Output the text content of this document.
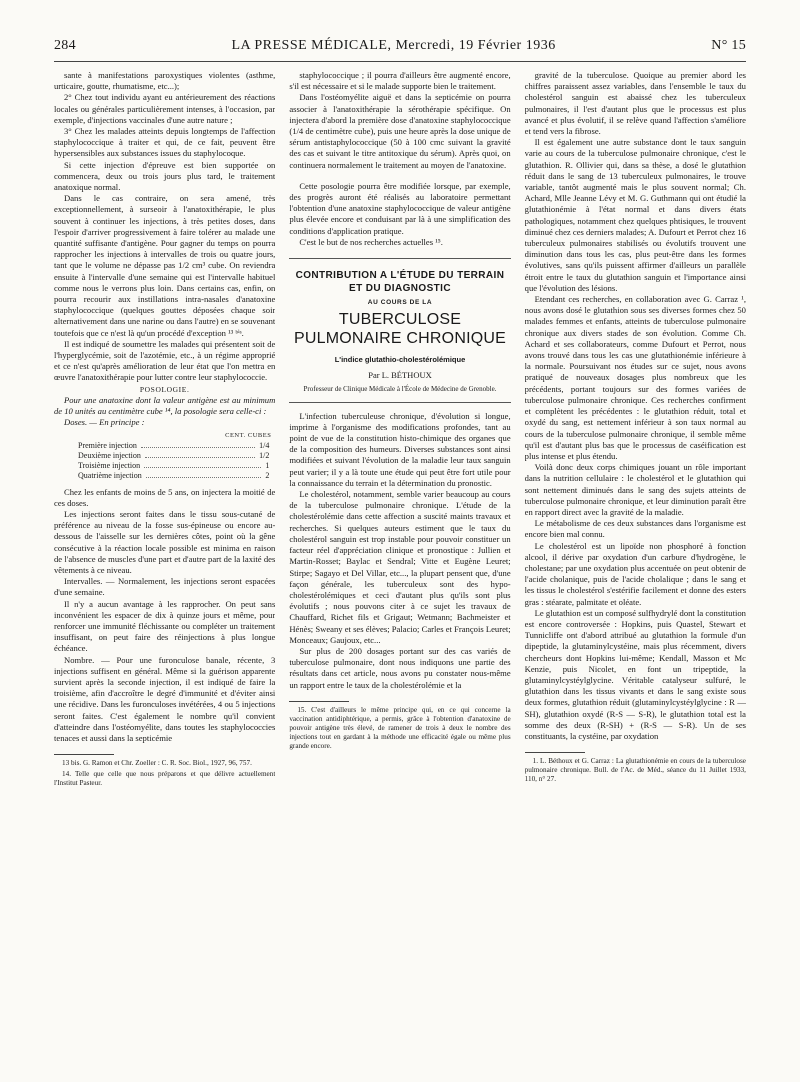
284	LA PRESSE MÉDICALE, Mercredi, 19 Février 1936	N° 15

sante à manifestations paroxystiques violentes (asthme, urticaire, goutte, rhumatisme, etc...);

2° Chez tout individu ayant eu antérieurement des réactions locales ou générales particulièrement intenses, à l'occasion, par exemple, d'injections vaccinales d'une autre nature ;

3° Chez les malades atteints depuis longtemps de l'affection staphylococcique à traiter et qui, de ce fait, peuvent être hypersensibles aux substances issues du staphylocoque.

Si cette injection d'épreuve est bien supportée on commencera, deux ou trois jours plus tard, le traitement anatoxique normal.

Dans le cas contraire, on sera amené, très exceptionnellement, à surseoir à l'anatoxithérapie, le plus souvent à continuer les injections, à très petites doses, dans l'espoir d'arriver progressivement à faire tolérer au malade une quantité suffisante d'antigène. Pour gagner du temps on pourra rapprocher les injections à intervalles de trois ou quatre jours, tant que le volume ne dépasse pas 1/2 cm³ cube. On reviendra ensuite à l'intervalle d'une semaine qui est l'intervalle habituel comme nous le verrons plus loin. Dans certains cas, enfin, on pourra recourir aux instillations intra-nasales d'anatoxine staphylococcique (quelques gouttes déposées chaque soir alternativement dans une narine ou dans l'autre) en se souvenant toutefois que ce n'est là qu'un procédé d'exception ¹³ ᵇⁱˢ.

Il est indiqué de soumettre les malades qui présentent soit de l'hyperglycémie, soit de l'azotémie, etc., à un régime approprié et ce n'est qu'après amélioration de leur état que l'on mettra en œuvre l'anatoxithérapie pour lutter contre leur staphylococcie.

POSOLOGIE.

Pour une anatoxine dont la valeur antigène est au minimum de 10 unités au centimètre cube ¹⁴, la posologie sera celle-ci :

Doses. — En principe :

CENT. CUBES
Première injection	1/4
Deuxième injection	1/2
Troisième injection	1
Quatrième injection	2

Chez les enfants de moins de 5 ans, on injectera la moitié de ces doses.

Les injections seront faites dans le tissu sous-cutané de préférence au niveau de la fosse sus-épineuse ou encore au-dessous de l'aisselle sur les dernières côtes, point où la gêne consécutive à la réaction locale possible est minima en raison de l'absence de muscles d'une part et d'autre part de la laxité des vêtements à ce niveau.

Intervalles. — Normalement, les injections seront espacées d'une semaine.

Il n'y a aucun avantage à les rapprocher. On peut sans inconvénient les espacer de dix à quinze jours et même, pour renforcer une immunité fléchissante ou compléter un traitement insuffisant, on peut faire des réinjections à plus longue échéance.

Nombre. — Pour une furonculose banale, récente, 3 injections suffisent en général. Même si la guérison apparente survient après la seconde injection, il est indiqué de faire la troisième, afin d'accroître le degré d'immunité et d'éviter ainsi une récidive. Dans les furonculoses invétérées, 4 ou 5 injections seront faites. C'est également le nombre qu'il convient d'atteindre dans l'ostéomyélite, dans toutes les staphylococcies tenaces et aussi dans la septicémie

13 bis. G. Ramon et Chr. Zoeller : C. R. Soc. Biol., 1927, 96, 757.

14. Telle que celle que nous préparons et que délivre actuellement l'Institut Pasteur.

staphylococcique ; il pourra d'ailleurs être augmenté encore, s'il est nécessaire et si le malade supporte bien le traitement.

Dans l'ostéomyélite aiguë et dans la septicémie on pourra associer à l'anatoxithérapie la sérothérapie spécifique. On injectera d'abord la première dose d'anatoxine staphylococcique (1/4 de centimètre cube), puis une heure après la dose unique de sérum antistaphylococcique (50 à 100 cmc suivant la gravité des cas et suivant le titre antitoxique du sérum). Après quoi, on continuera normalement le traitement au moyen de l'anatoxine.

Cette posologie pourra être modifiée lorsque, par exemple, des progrès auront été réalisés au laboratoire permettant l'obtention d'une anatoxine staphylococcique de valeur antigène plus élevée encore et conduisant par là à une simplification des conditions d'application pratique.

C'est le but de nos recherches actuelles ¹⁵.

CONTRIBUTION A L'ÉTUDE DU TERRAIN ET DU DIAGNOSTIC
AU COURS DE LA
TUBERCULOSE PULMONAIRE CHRONIQUE
L'indice glutathio-cholestérolémique
Par L. BÉTHOUX
Professeur de Clinique Médicale à l'École de Médecine de Grenoble.

L'infection tuberculeuse chronique, d'évolution si longue, imprime à l'organisme des modifications profondes, tant au point de vue de la constitution histo-chimique des organes que de la composition des humeurs. Diverses substances sont ainsi modifiées et suivant l'évolution de la maladie leur taux sanguin peut varier; il y a là toute une étude qui peut être fort utile pour la connaissance du terrain et la détermination du pronostic.

Le cholestérol, notamment, semble varier beaucoup au cours de la tuberculose pulmonaire chronique. L'étude de la cholestérolémie dans cette affection a suscité maints travaux et recherches. Si quelques auteurs estiment que le taux du cholestérol sanguin est trop instable pour pouvoir constituer un facteur réel d'appréciation clinique et pronostique : Jullien et Martin-Rosset; Baylac et Sendral; Vitte et Eugène Leuret; Stirpe; Sagayo et Del Villar, etc..., la plupart pensent que, d'une façon générale, les tuberculeux sont des hypo-cholestérolémiques et ceci d'autant plus qu'ils sont plus évolutifs ; nous pouvons citer à ce sujet les travaux de Chauffard, Richet fils et Grigaut; Wetmann; Bachmeister et Hénès; Sweany et ses élèves; Palacio; Carles et François Leuret; Monceaux; Gaujoux, etc...

Sur plus de 200 dosages portant sur des cas variés de tuberculose pulmonaire, dont nous indiquons une partie des résultats dans cet article, nous avons pu constater nous-même un rapport entre le taux de la cholestérolémie et la

15. C'est d'ailleurs le même principe qui, en ce qui concerne la vaccination antidiphtérique, a permis, grâce à l'obtention d'anatoxine de pouvoir antigène très élevé, de ramener de trois à deux le nombre des injections tout en gardant à la méthode une efficacité égale ou même plus grande encore.

gravité de la tuberculose. Quoique au premier abord les chiffres paraissent assez variables, dans l'ensemble le taux du cholestérol sanguin est abaissé chez les tuberculeux pulmonaires, il l'est d'autant plus que le processus est plus avancé et plus évolutif, il se relève quand l'affection s'améliore et tend vers la fibrose.

Il est également une autre substance dont le taux sanguin varie au cours de la tuberculose pulmonaire chronique, c'est le glutathion. R. Ollivier qui, dans sa thèse, a dosé le glutathion réduit dans le sang de 13 tuberculeux pulmonaires, le trouve variable, tantôt augmenté mais le plus souvent normal; Ch. Achard, Mlle Jeanne Lévy et M. G. Guthmann qui ont étudié la glutathionémie à l'état normal et dans divers états pathologiques, notamment chez quelques phtisiques, le trouvent diminué chez ces derniers malades; A. Dufourt et Perrot chez 16 tuberculeux pulmonaires stabilisés ou évolutifs trouvent une diminution dans tous les cas, plus peut-être dans les formes évolutives, sans qu'ils puissent affirmer d'ailleurs un parallèle étroit entre le taux du glutathion sanguin et l'importance ainsi que l'évolution des lésions.

Etendant ces recherches, en collaboration avec G. Carraz ¹, nous avons dosé le glutathion sous ses diverses formes chez 50 malades femmes et enfants, atteints de tuberculose pulmonaire chronique aux divers stades de son évolution. Comme Ch. Achard et ses collaborateurs, comme Dufourt et Perrot, nous avons trouvé dans tous les cas une glutathionémie inférieure à la normale. Poursuivant nos études sur ce sujet, nous avons pratiqué de nouveaux dosages plus nombreux que les précédents, portant toujours sur des formes variées de tuberculose pulmonaire chronique. Ces recherches confirment et complètent les précédentes : le glutathion réduit, total et oxydé du sang, est nettement inférieur à son taux normal au cours de la tuberculose pulmonaire chronique, il semble même qu'il est d'autant plus bas que le processus de caséification est plus intense et plus étendu.

Voilà donc deux corps chimiques jouant un rôle important dans la nutrition cellulaire : le cholestérol et le glutathion qui sont nettement diminués dans le sang des sujets atteints de tuberculose pulmonaire chronique, et leur diminution paraît être en rapport direct avec la gravité de la maladie.

Le métabolisme de ces deux substances dans l'organisme est encore bien mal connu.

Le cholestérol est un lipoïde non phosphoré à fonction alcool, il dérive par oxydation d'un carbure d'hydrogène, le cholestane; par une oxydation plus accentuée on peut obtenir de l'acide cholanique, puis de l'acide cholalique ; dans le sang et les tissus le cholestérol s'estérifie facilement et donne des esters gras : stéarate, palmitate et oléate.

Le glutathion est un composé sulfhydrylé dont la constitution est encore controversée : Hopkins, puis Quastel, Stewart et Tunnicliffe ont d'abord attribué au glutathion la formule d'un dipeptide, la glutaminylcystéine, mais plus récemment, divers chercheurs dont Hopkins lui-même; Kendall, Masson et Mc Kenzie, puis Nicolet, en font un tripeptide, la glutaminylcystéylglycine. Véritable catalyseur sulfuré, le glutathion dans les tissus vivants et dans le sang existe sous deux formes, glutathion réduit (glutaminylcystéylglycine : R — SH), glutathion oxydé (R-S — S-R), le glutathion total est la somme des deux (R-SH) + (R-S — S-R). Un de ses constituants, la cystéine, par oxydation

1. L. Béthoux et G. Carraz : La glutathionémie en cours de la tuberculose pulmonaire chronique. Bull. de l'Ac. de Méd., séance du 11 Juillet 1933, 110, n° 27.
